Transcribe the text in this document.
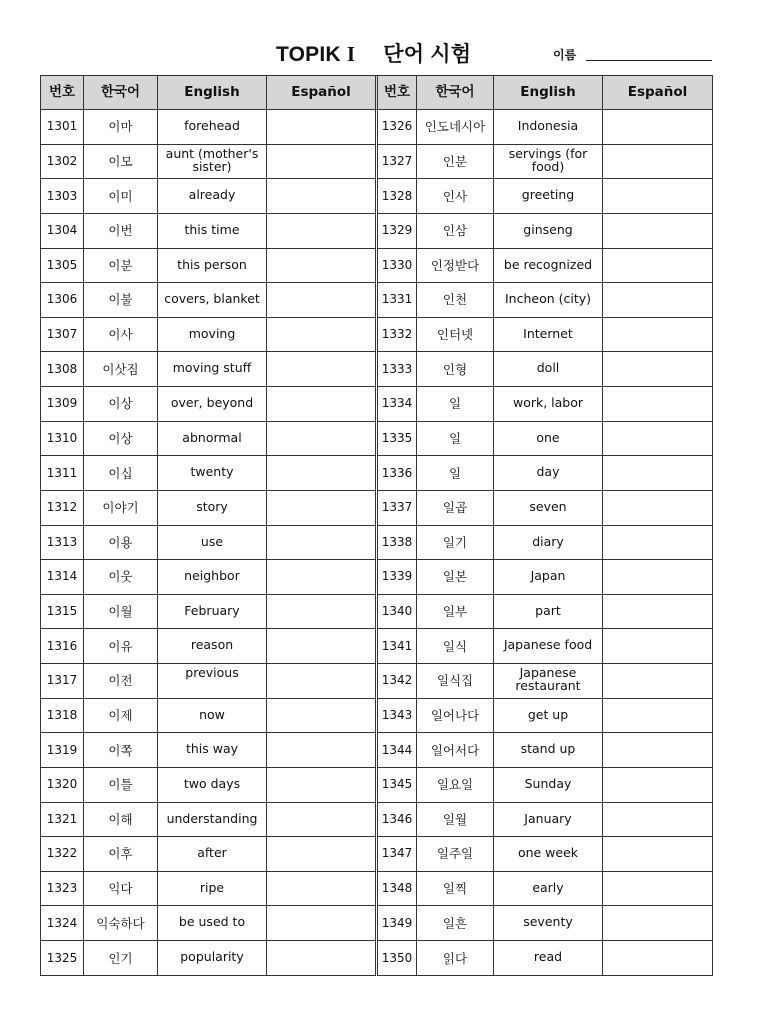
TOPIK I 단어 시험	이름
번호	한국어	English	Español		번호	한국어	English	Español
1301	이마	forehead			1326	인도네시아	Indonesia	
1302	이모	aunt (mother's sister)			1327	인분	servings (for food)	
1303	이미	already			1328	인사	greeting	
1304	이번	this time			1329	인삼	ginseng	
1305	이분	this person			1330	인정받다	be recognized	
1306	이불	covers, blanket			1331	인천	Incheon (city)	
1307	이사	moving			1332	인터넷	Internet	
1308	이삿짐	moving stuff			1333	인형	doll	
1309	이상	over, beyond			1334	일	work, labor	
1310	이상	abnormal			1335	일	one	
1311	이십	twenty			1336	일	day	
1312	이야기	story			1337	일곱	seven	
1313	이용	use			1338	일기	diary	
1314	이웃	neighbor			1339	일본	Japan	
1315	이월	February			1340	일부	part	
1316	이유	reason			1341	일식	Japanese food	
1317	이전	previous			1342	일식집	Japanese restaurant	
1318	이제	now			1343	일어나다	get up	
1319	이쪽	this way			1344	일어서다	stand up	
1320	이틀	two days			1345	일요일	Sunday	
1321	이해	understanding			1346	일월	January	
1322	이후	after			1347	일주일	one week	
1323	익다	ripe			1348	일찍	early	
1324	익숙하다	be used to			1349	일흔	seventy	
1325	인기	popularity			1350	읽다	read	
